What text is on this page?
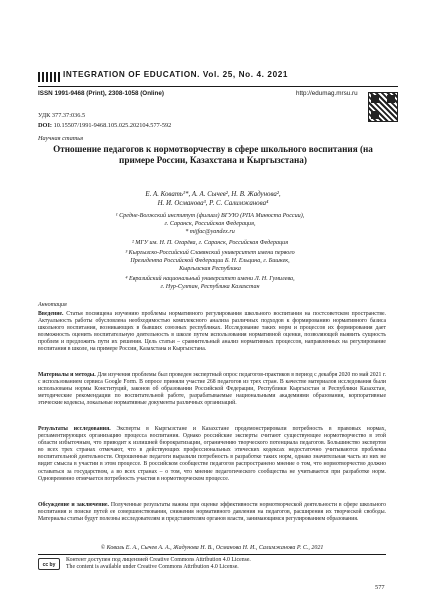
INTEGRATION OF EDUCATION. Vol. 25, No. 4. 2021
ISSN 1991-9468 (Print), 2308-1058 (Online)	http://edumag.mrsu.ru
УДК 377.37:036.5
DOI: 10.15507/1991-9468.105.025.202104.577-592
Научная статья
Отношение педагогов к нормотворчеству в сфере школьного воспитания (на примере России, Казахстана и Кыргызстана)
Е. А. Ковать¹*, А. А. Сычев², Н. В. Жадунова²,
Н. И. Османова³, Р. С. Салимжанова⁴
¹ Средне-Волжский институт (филиал) ВГУЮ (РПА Минюста России),
г. Саранск, Российская Федерация,
* mijfaс@yandex.ru
² МГУ им. Н. П. Огарёва, г. Саранск, Российская Федерация
³ Кыргызско-Российский Славянский университет имени первого
Президента Российской Федерации Б. Н. Ельцина, г. Бишкек,
Кыргызская Республика
⁴ Евразийский национальный университет имени Л. Н. Гумилева,
г. Нур-Султан, Республика Казахстан
Аннотация
Введение. Статья посвящена изучению проблемы нормативного регулирования школьного воспитания на постсоветском пространстве. Актуальность работы обусловлена необходимостью комплексного анализа различных подходов к формированию нормативного базиса школьного воспитания, возникающих в бывших союзных республиках. Исследование таких норм и процессов их формирования дает возможность оценить воспитательную деятельность в школе путем использования нормативной оценки, позволяющей выявить сущность проблем и предложить пути их решения. Цель статьи – сравнительный анализ нормативных процессов, направленных на регулирование воспитания в школе, на примере России, Казахстана и Кыргызстана.
Материалы и методы. Для изучения проблемы был проведен экспертный опрос педагогов-практиков в период с декабря 2020 по май 2021 г. с использованием сервиса Google Form. В опросе приняли участие 268 педагогов из трех стран. В качестве материалов исследования были использованы нормы Конституций, законов об образовании Российской Федерации, Республики Кыргызстан и Республики Казахстан, методические рекомендации по воспитательной работе, разрабатываемые национальными академиями образования, корпоративные этические кодексы, локальные нормативные документы различных организаций.
Результаты исследования. Эксперты в Кыргызстане и Казахстане продемонстрировали потребность в правовых нормах, регламентирующих организацию процесса воспитания. Однако российские эксперты считают существующее нормотворчество в этой области избыточным, что приводит к излишней бюрократизации, ограничению творческого потенциала педагогов. Большинство экспертов во всех трех странах отмечают, что в действующих профессиональных этических кодексах недостаточно учитываются проблемы воспитательной деятельности. Опрошенные педагоги выразили потребность в разработке таких норм, однако значительная часть из них не видит смысла в участии в этом процессе. В российском сообществе педагогов распространено мнение о том, что нормотворчество должно оставаться за государством, а во всех странах – о том, что мнение педагогического сообщества не учитывается при разработке норм. Одновременно отмечается потребность участия в нормотворческом процессе.
Обсуждение и заключение. Полученные результаты важны при оценке эффективности нормотворческой деятельности в сфере школьного воспитания и поиске путей ее совершенствования, снижения нормативного давления на педагогов, расширения их творческой свободы. Материалы статьи будут полезны исследователям и представителям органов власти, занимающимся регулированием образования.
© Коваль Е. А., Сычев А. А., Жадунова Н. В., Османова Н. И., Салимжанова Р. С., 2021
cc by
Контент доступен под лицензией Creative Commons Attribution 4.0 License.
The content is available under Creative Commons Attribution 4.0 License.
577
